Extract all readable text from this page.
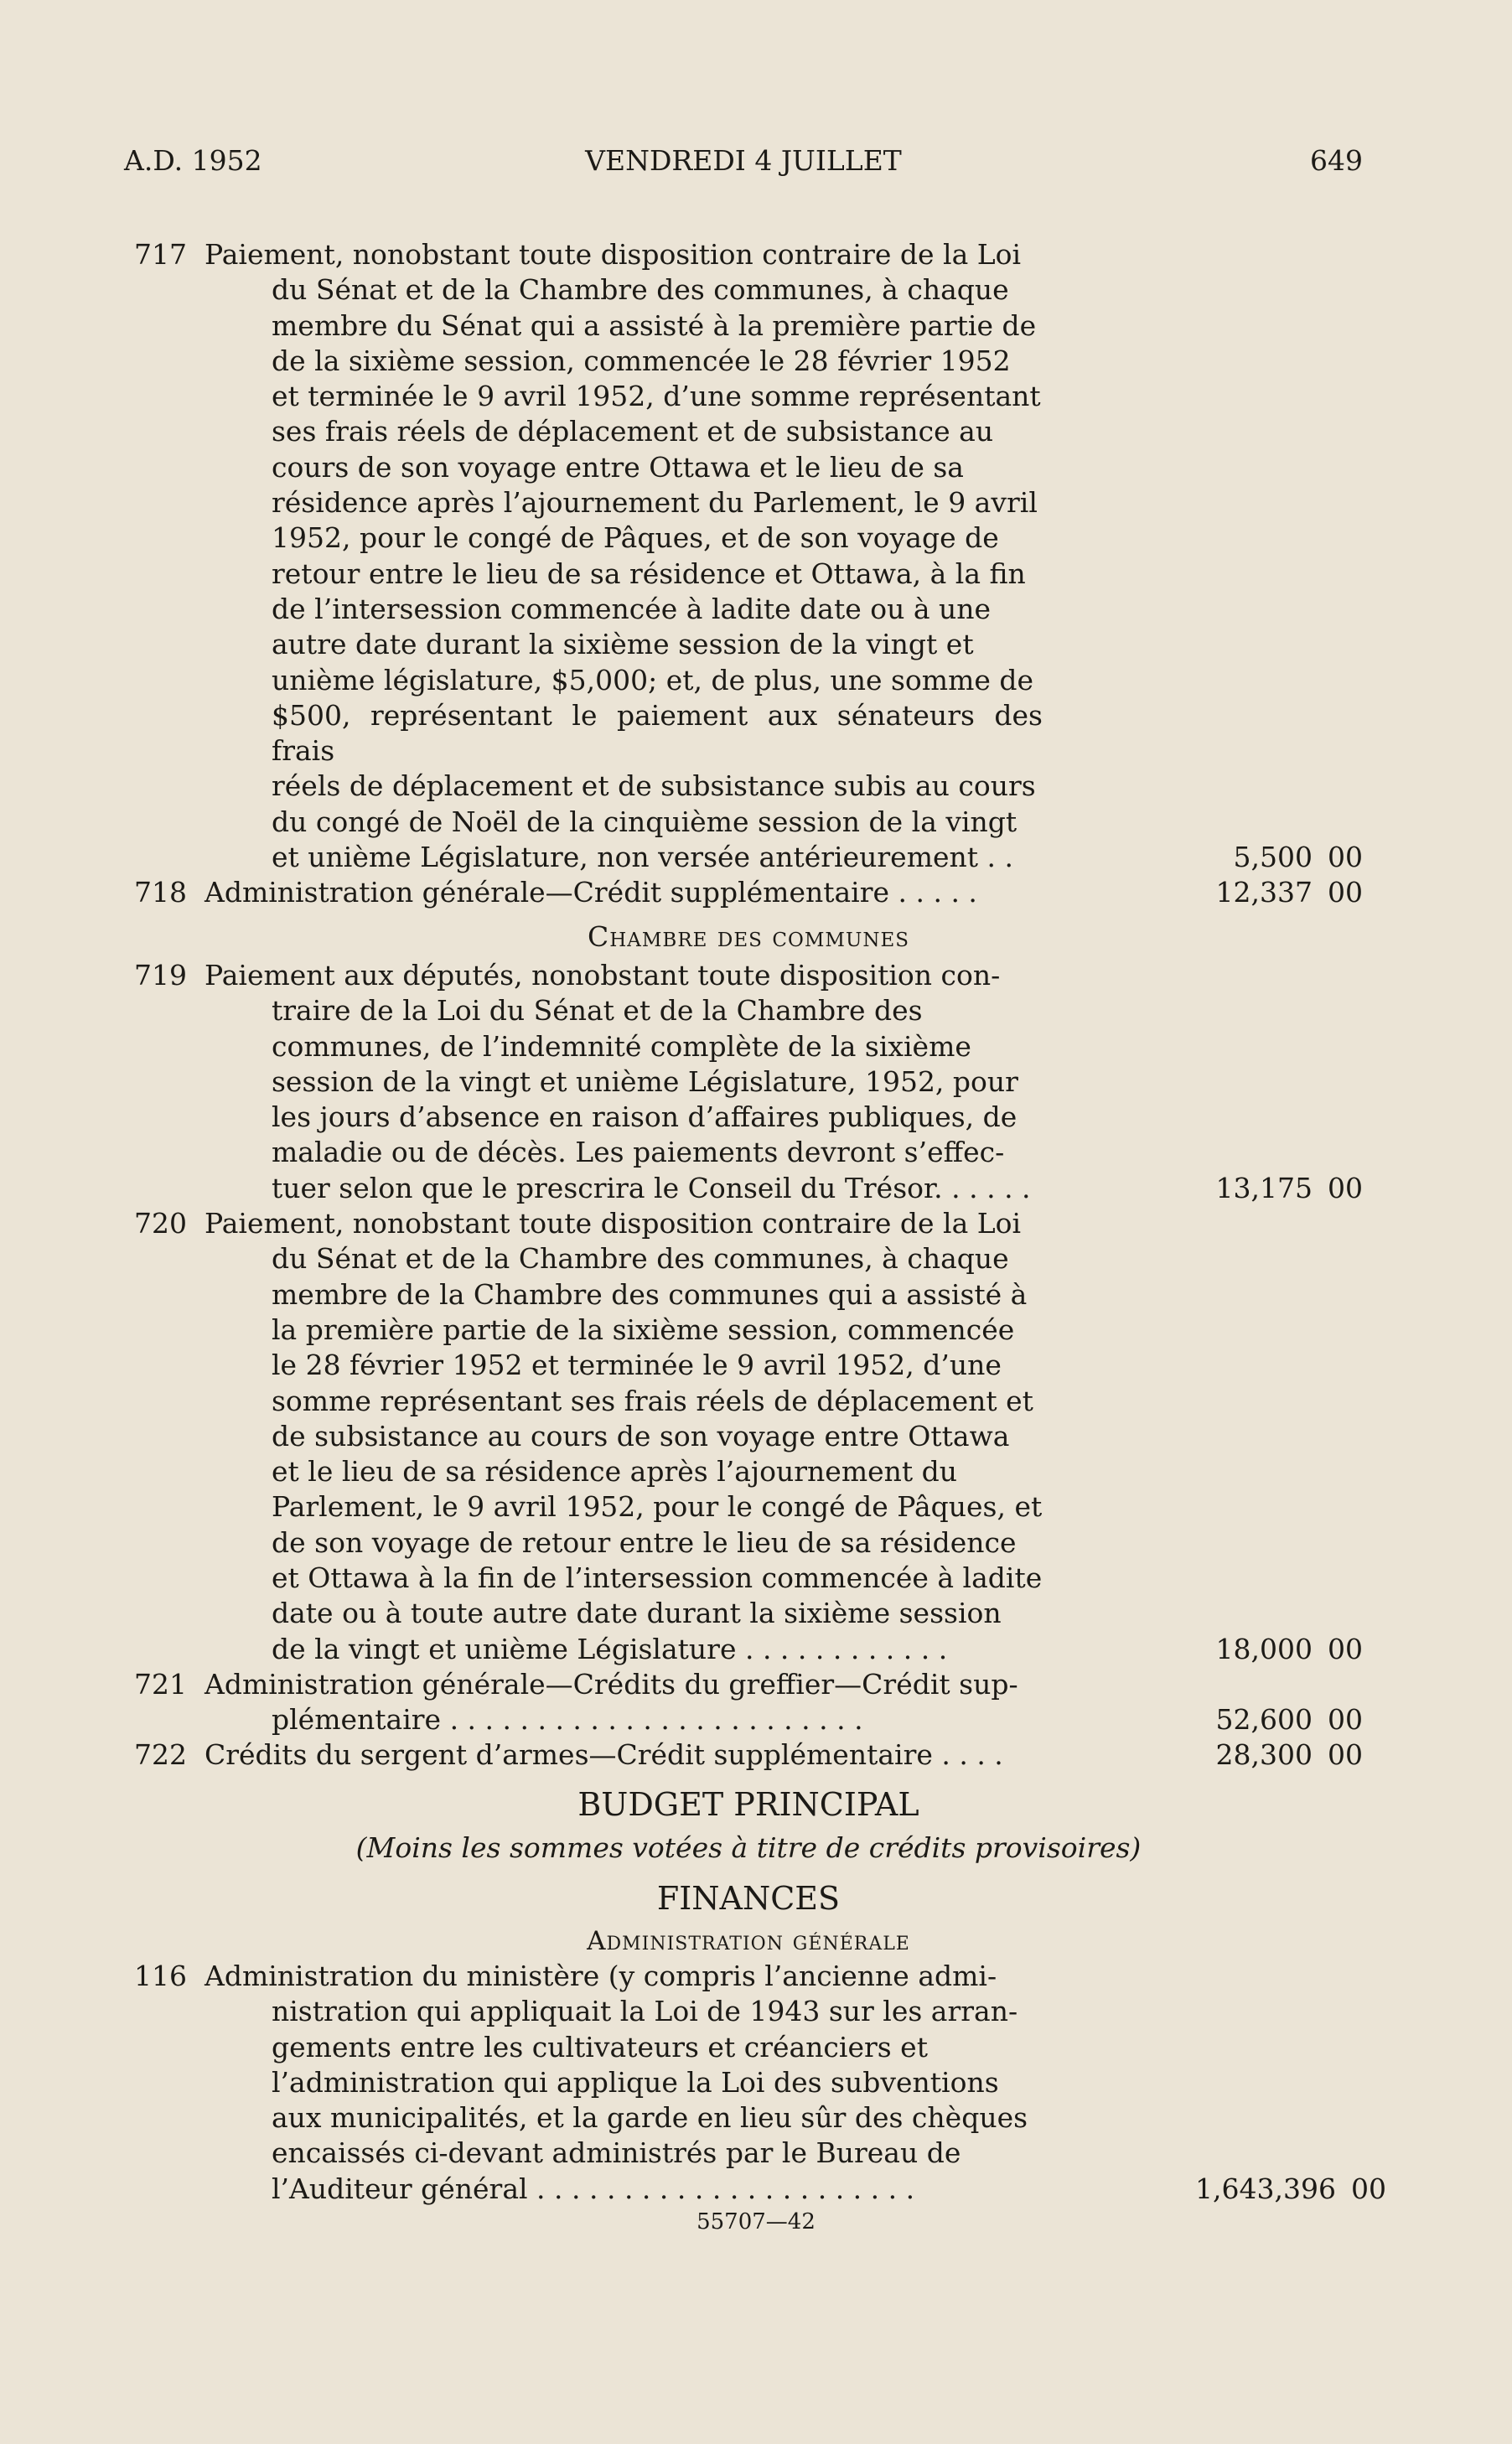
A.D. 1952	VENDREDI 4 JUILLET	649
717 Paiement, nonobstant toute disposition contraire de la Loi
du Sénat et de la Chambre des communes, à chaque
membre du Sénat qui a assisté à la première partie de
de la sixième session, commencée le 28 février 1952
et terminée le 9 avril 1952, d’une somme représentant
ses frais réels de déplacement et de subsistance au
cours de son voyage entre Ottawa et le lieu de sa
résidence après l’ajournement du Parlement, le 9 avril
1952, pour le congé de Pâques, et de son voyage de
retour entre le lieu de sa résidence et Ottawa, à la fin
de l’intersession commencée à ladite date ou à une
autre date durant la sixième session de la vingt et
unième législature, $5,000; et, de plus, une somme de
$500, représentant le paiement aux sénateurs des frais
réels de déplacement et de subsistance subis au cours
du congé de Noël de la cinquième session de la vingt
et unième Législature, non versée antérieurement . .	5,500 00
718 Administration générale—Crédit supplémentaire . . . . .	12,337 00
Chambre des communes
719 Paiement aux députés, nonobstant toute disposition con-
traire de la Loi du Sénat et de la Chambre des
communes, de l’indemnité complète de la sixième
session de la vingt et unième Législature, 1952, pour
les jours d’absence en raison d’affaires publiques, de
maladie ou de décès. Les paiements devront s’effec-
tuer selon que le prescrira le Conseil du Trésor. . . . . .	13,175 00
720 Paiement, nonobstant toute disposition contraire de la Loi
du Sénat et de la Chambre des communes, à chaque
membre de la Chambre des communes qui a assisté à
la première partie de la sixième session, commencée
le 28 février 1952 et terminée le 9 avril 1952, d’une
somme représentant ses frais réels de déplacement et
de subsistance au cours de son voyage entre Ottawa
et le lieu de sa résidence après l’ajournement du
Parlement, le 9 avril 1952, pour le congé de Pâques, et
de son voyage de retour entre le lieu de sa résidence
et Ottawa à la fin de l’intersession commencée à ladite
date ou à toute autre date durant la sixième session
de la vingt et unième Législature . . . . . . . . . . . .	18,000 00
721 Administration générale—Crédits du greffier—Crédit sup-
plémentaire . . . . . . . . . . . . . . . . . . . . . . . .	52,600 00
722 Crédits du sergent d’armes—Crédit supplémentaire . . . .	28,300 00
BUDGET PRINCIPAL
(Moins les sommes votées à titre de crédits provisoires)
FINANCES
Administration générale
116 Administration du ministère (y compris l’ancienne admi-
nistration qui appliquait la Loi de 1943 sur les arran-
gements entre les cultivateurs et créanciers et
l’administration qui applique la Loi des subventions
aux municipalités, et la garde en lieu sûr des chèques
encaissés ci-devant administrés par le Bureau de
l’Auditeur général . . . . . . . . . . . . . . . . . . . . . .	1,643,396 00
55707—42
